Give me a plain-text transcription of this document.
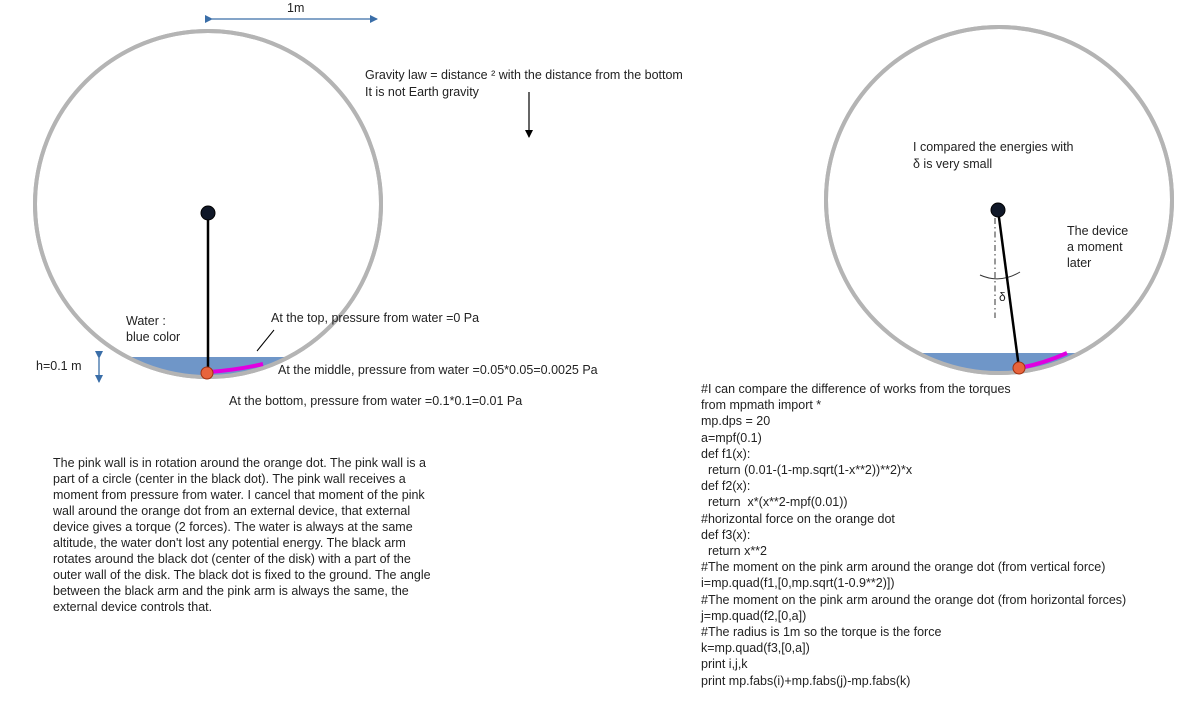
1m
Water :
blue color
h=0.1 m
At the top, pressure from water =0 Pa
At the middle, pressure from water =0.05*0.05=0.0025 Pa
At the bottom, pressure from water =0.1*0.1=0.01 Pa
Gravity law = distance ² with the distance from the bottom
It is not Earth gravity
I compared the energies with
δ is very small
The device
a moment
later
δ
The pink wall is in rotation around the orange dot. The pink wall is a
part of a circle (center in the black dot). The pink wall receives a
moment from pressure from water. I cancel that moment of the pink
wall around the orange dot from an external device, that external
device gives a torque (2 forces). The water is always at the same
altitude, the water don't lost any potential energy. The black arm
rotates around the black dot (center of the disk) with a part of the
outer wall of the disk. The black dot is fixed to the ground. The angle
between the black arm and the pink arm is always the same, the
external device controls that.
#I can compare the difference of works from the torques
from mpmath import *
mp.dps = 20
a=mpf(0.1)
def f1(x):
return (0.01-(1-mp.sqrt(1-x**2))**2)*x
def f2(x):
return  x*(x**2-mpf(0.01))
#horizontal force on the orange dot
def f3(x):
return x**2
#The moment on the pink arm around the orange dot (from vertical force)
i=mp.quad(f1,[0,mp.sqrt(1-0.9**2)])
#The moment on the pink arm around the orange dot (from horizontal forces)
j=mp.quad(f2,[0,a])
#The radius is 1m so the torque is the force
k=mp.quad(f3,[0,a])
print i,j,k
print mp.fabs(i)+mp.fabs(j)-mp.fabs(k)
